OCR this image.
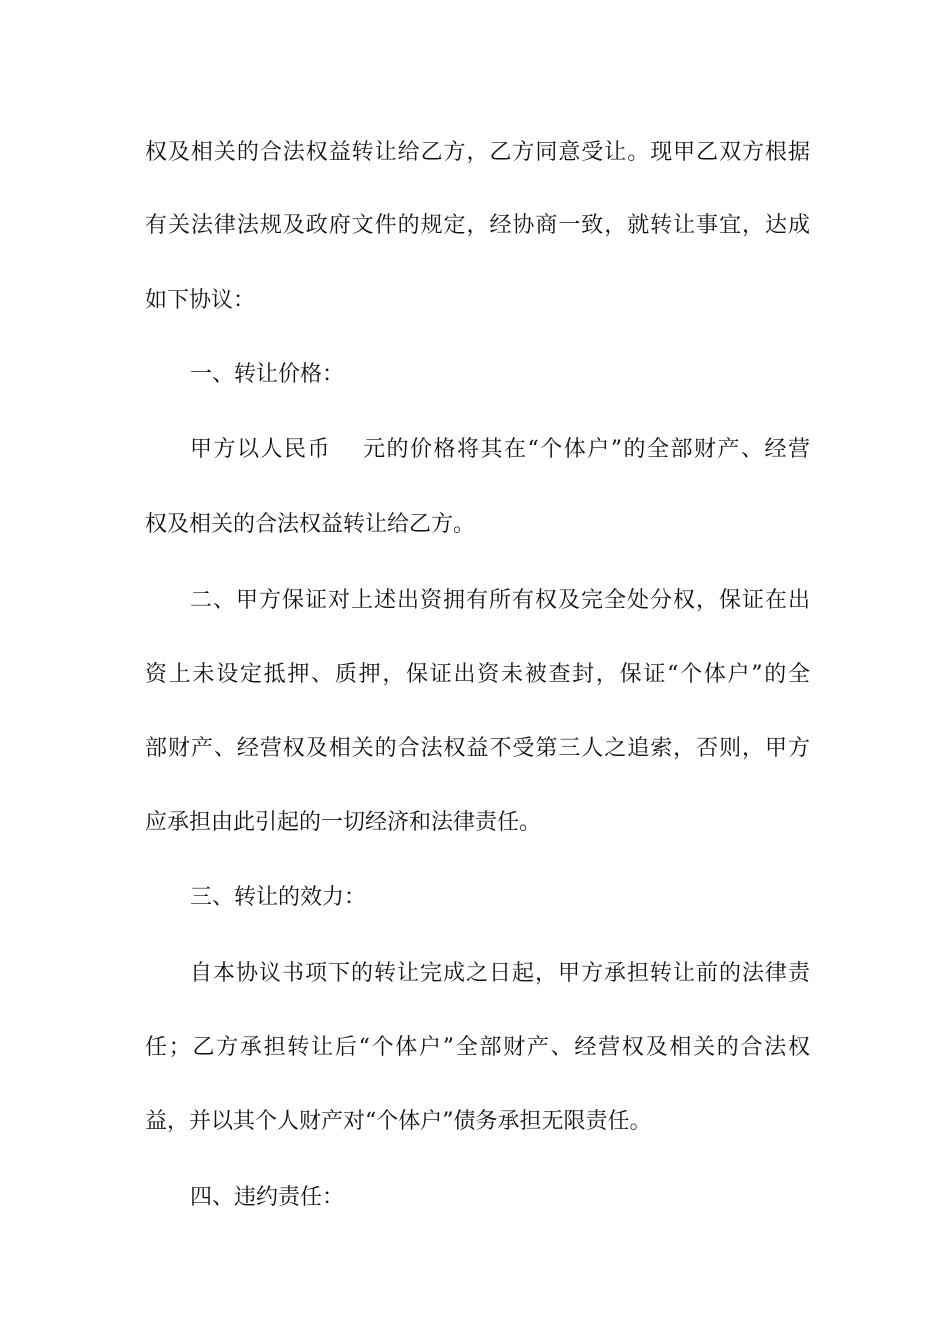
权及相关的合法权益转让给乙方，乙方同意受让。现甲乙双方根据
有关法律法规及政府文件的规定，经协商一致，就转让事宜，达成
如下协议：
一、转让价格：
甲方以人民币　 元的价格将其在“个体户”的全部财产、经营
权及相关的合法权益转让给乙方。
二、甲方保证对上述出资拥有所有权及完全处分权，保证在出
资上未设定抵押、质押，保证出资未被查封，保证“个体户”的全
部财产、经营权及相关的合法权益不受第三人之追索，否则，甲方
应承担由此引起的一切经济和法律责任。
三、转让的效力：
自本协议书项下的转让完成之日起，甲方承担转让前的法律责
任；乙方承担转让后“个体户”全部财产、经营权及相关的合法权
益，并以其个人财产对“个体户”债务承担无限责任。
四、违约责任：
